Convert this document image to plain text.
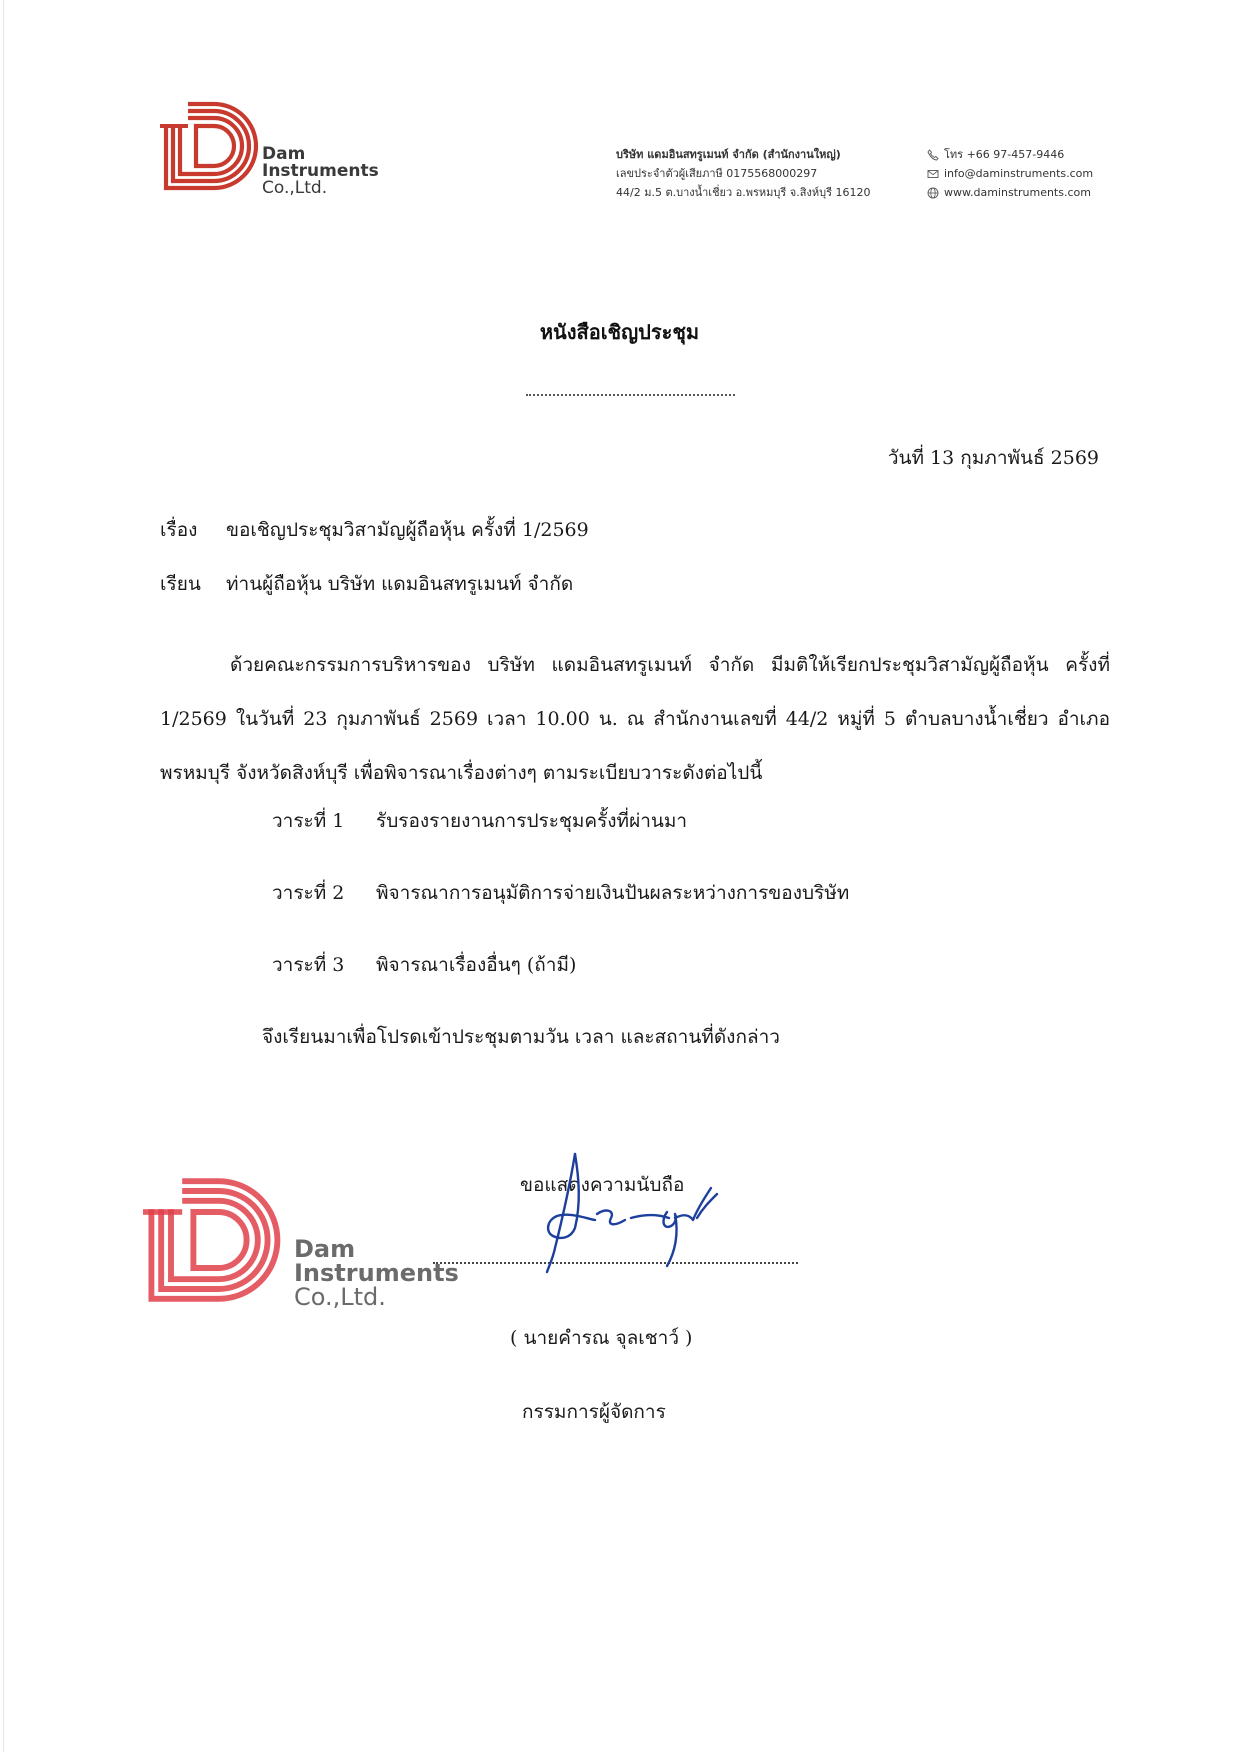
Dam
Instruments
Co.,Ltd.
บริษัท แดมอินสทรูเมนท์ จำกัด (สำนักงานใหญ่)
เลขประจำตัวผู้เสียภาษี 0175568000297
44/2 ม.5 ต.บางน้ำเชี่ยว อ.พรหมบุรี จ.สิงห์บุรี 16120
โทร +66 97-457-9446
info@daminstruments.com
www.daminstruments.com
หนังสือเชิญประชุม
วันที่ 13 กุมภาพันธ์ 2569
เรื่อง ขอเชิญประชุมวิสามัญผู้ถือหุ้น ครั้งที่ 1/2569
เรียน ท่านผู้ถือหุ้น บริษัท แดมอินสทรูเมนท์ จำกัด
ด้วยคณะกรรมการบริหารของ บริษัท แดมอินสทรูเมนท์ จำกัด มีมติให้เรียกประชุมวิสามัญผู้ถือหุ้น ครั้งที่ 1/2569 ในวันที่ 23 กุมภาพันธ์ 2569 เวลา 10.00 น. ณ สำนักงานเลขที่ 44/2 หมู่ที่ 5 ตำบลบางน้ำเชี่ยว อำเภอพรหมบุรี จังหวัดสิงห์บุรี เพื่อพิจารณาเรื่องต่างๆ ตามระเบียบวาระดังต่อไปนี้
วาระที่ 1 รับรองรายงานการประชุมครั้งที่ผ่านมา
วาระที่ 2 พิจารณาการอนุมัติการจ่ายเงินปันผลระหว่างการของบริษัท
วาระที่ 3 พิจารณาเรื่องอื่นๆ (ถ้ามี)
จึงเรียนมาเพื่อโปรดเข้าประชุมตามวัน เวลา และสถานที่ดังกล่าว
Dam
Instruments
Co.,Ltd.
ขอแสดงความนับถือ
( นายคำรณ จุลเชาว์ )
กรรมการผู้จัดการ
